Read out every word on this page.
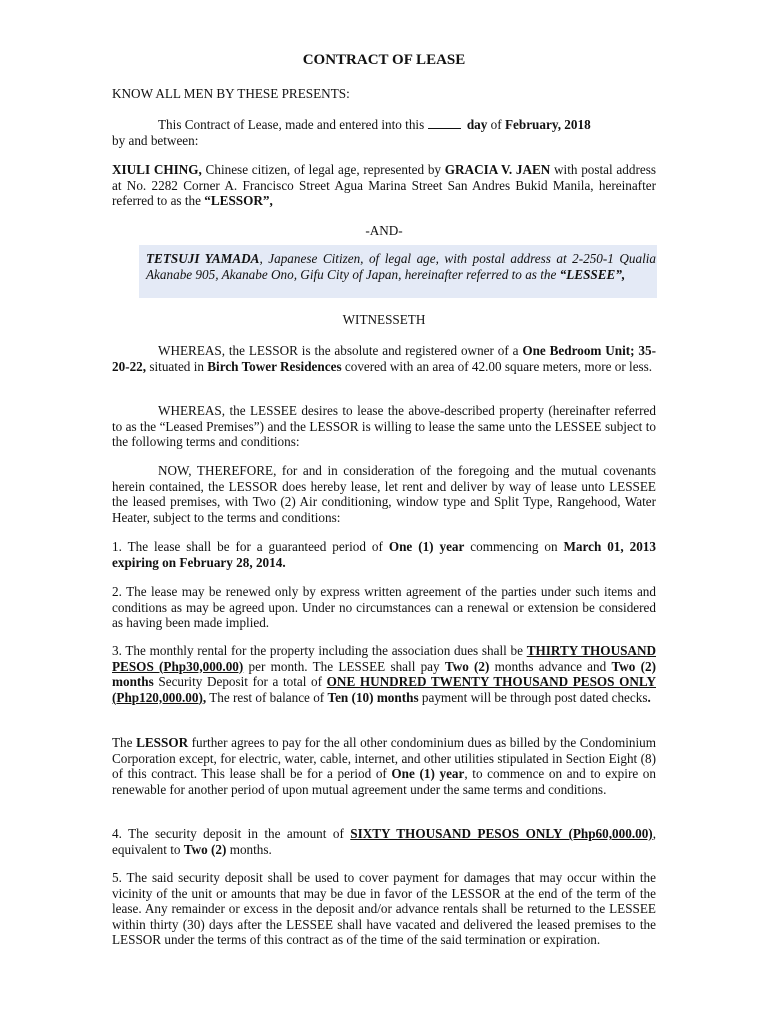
CONTRACT OF LEASE
KNOW ALL MEN BY THESE PRESENTS:
This Contract of Lease, made and entered into this	day of February, 2018
by and between:
XIULI CHING, Chinese citizen, of legal age, represented by GRACIA V. JAEN with postal address at No. 2282 Corner A. Francisco Street Agua Marina Street San Andres Bukid Manila, hereinafter referred to as the “LESSOR”,
-AND-
TETSUJI YAMADA, Japanese Citizen, of legal age, with postal address at 2-250-1 Qualia Akanabe 905, Akanabe Ono, Gifu City of Japan, hereinafter referred to as the “LESSEE”,
WITNESSETH
WHEREAS, the LESSOR is the absolute and registered owner of a One Bedroom Unit; 35-20-22, situated in Birch Tower Residences covered with an area of 42.00 square meters, more or less.
WHEREAS, the LESSEE desires to lease the above-described property (hereinafter referred to as the “Leased Premises”) and the LESSOR is willing to lease the same unto the LESSEE subject to the following terms and conditions:
NOW, THEREFORE, for and in consideration of the foregoing and the mutual covenants herein contained, the LESSOR does hereby lease, let rent and deliver by way of lease unto LESSEE the leased premises, with Two (2) Air conditioning, window type and Split Type, Rangehood, Water Heater, subject to the terms and conditions:
1. The lease shall be for a guaranteed period of One (1) year commencing on March 01, 2013 expiring on February 28, 2014.
2. The lease may be renewed only by express written agreement of the parties under such items and conditions as may be agreed upon. Under no circumstances can a renewal or extension be considered as having been made implied.
3. The monthly rental for the property including the association dues shall be THIRTY THOUSAND PESOS (Php30,000.00) per month. The LESSEE shall pay Two (2) months advance and Two (2) months Security Deposit for a total of ONE HUNDRED TWENTY THOUSAND PESOS ONLY (Php120,000.00), The rest of balance of Ten (10) months payment will be through post dated checks.
The LESSOR further agrees to pay for the all other condominium dues as billed by the Condominium Corporation except, for electric, water, cable, internet, and other utilities stipulated in Section Eight (8) of this contract. This lease shall be for a period of One (1) year, to commence on and to expire on renewable for another period of upon mutual agreement under the same terms and conditions.
4. The security deposit in the amount of SIXTY THOUSAND PESOS ONLY (Php60,000.00), equivalent to Two (2) months.
5. The said security deposit shall be used to cover payment for damages that may occur within the vicinity of the unit or amounts that may be due in favor of the LESSOR at the end of the term of the lease. Any remainder or excess in the deposit and/or advance rentals shall be returned to the LESSEE within thirty (30) days after the LESSEE shall have vacated and delivered the leased premises to the LESSOR under the terms of this contract as of the time of the said termination or expiration.
